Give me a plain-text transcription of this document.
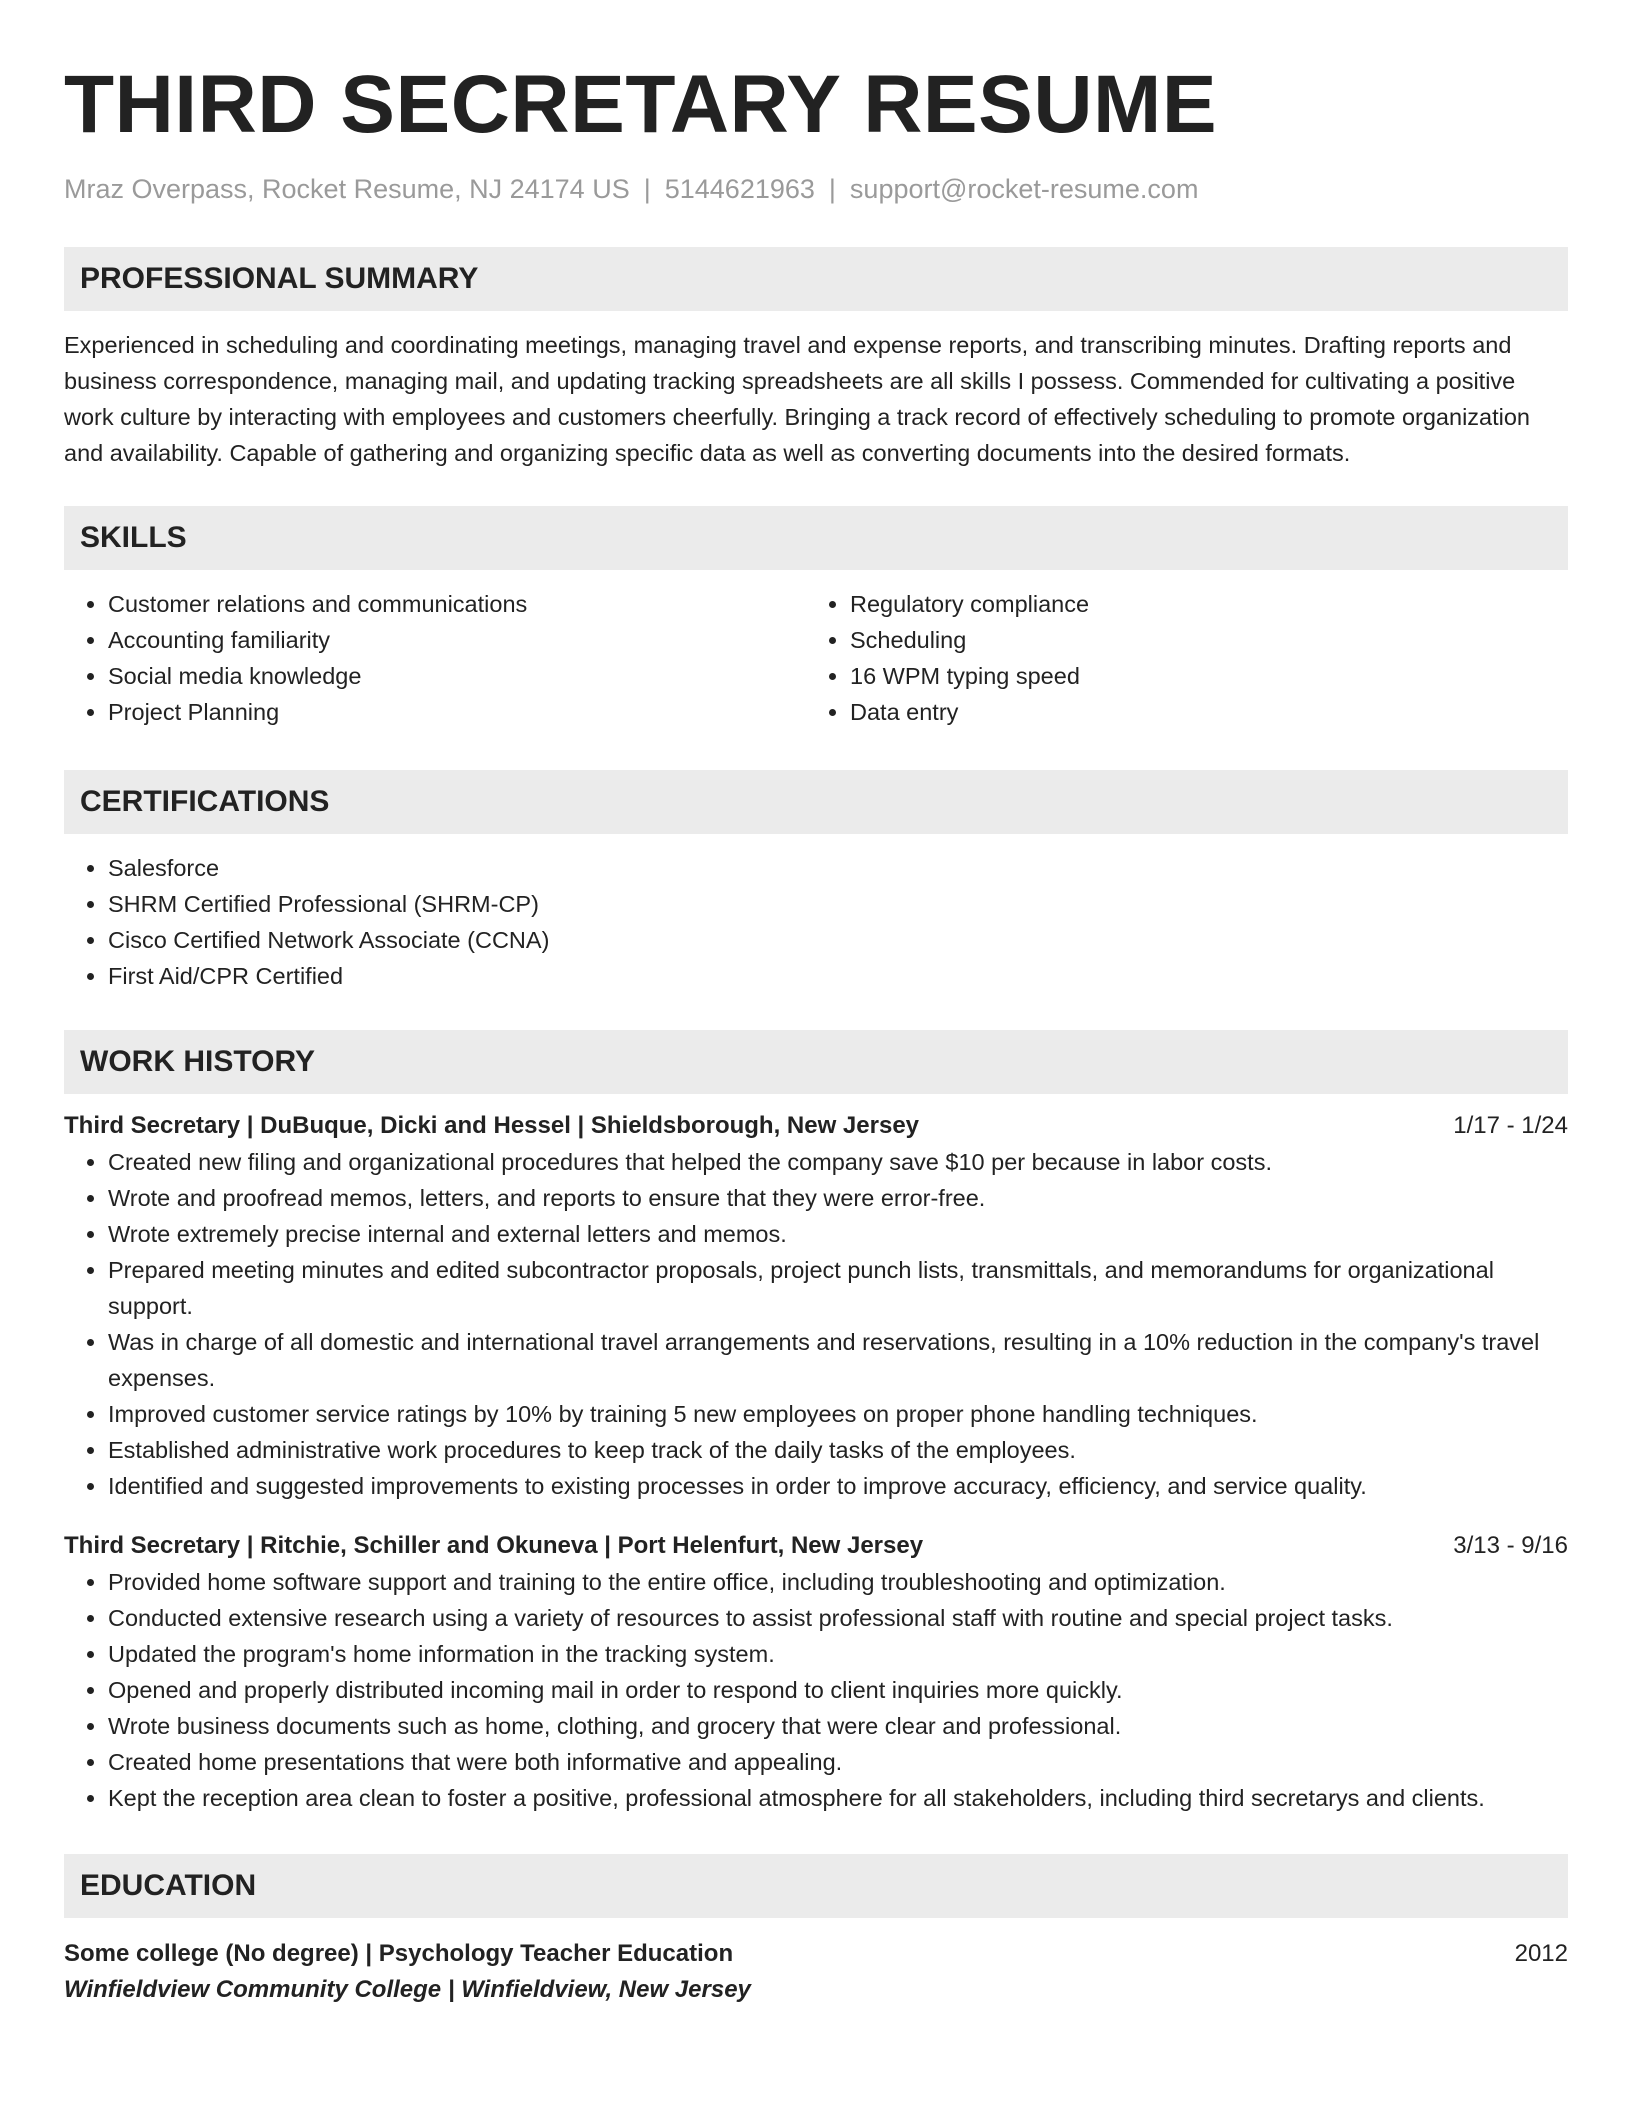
THIRD SECRETARY RESUME
Mraz Overpass, Rocket Resume, NJ 24174 US | 5144621963 | support@rocket-resume.com
PROFESSIONAL SUMMARY

Experienced in scheduling and coordinating meetings, managing travel and expense reports, and transcribing minutes. Drafting reports and business correspondence, managing mail, and updating tracking spreadsheets are all skills I possess. Commended for cultivating a positive work culture by interacting with employees and customers cheerfully. Bringing a track record of effectively scheduling to promote organization and availability. Capable of gathering and organizing specific data as well as converting documents into the desired formats.

SKILLS
• Customer relations and communications
• Accounting familiarity
• Social media knowledge
• Project Planning
• Regulatory compliance
• Scheduling
• 16 WPM typing speed
• Data entry
CERTIFICATIONS
• Salesforce
• SHRM Certified Professional (SHRM-CP)
• Cisco Certified Network Associate (CCNA)
• First Aid/CPR Certified
WORK HISTORY
Third Secretary | DuBuque, Dicki and Hessel | Shieldsborough, New Jersey	1/17 - 1/24
• Created new filing and organizational procedures that helped the company save $10 per because in labor costs.
• Wrote and proofread memos, letters, and reports to ensure that they were error-free.
• Wrote extremely precise internal and external letters and memos.
• Prepared meeting minutes and edited subcontractor proposals, project punch lists, transmittals, and memorandums for organizational support.
• Was in charge of all domestic and international travel arrangements and reservations, resulting in a 10% reduction in the company's travel expenses.
• Improved customer service ratings by 10% by training 5 new employees on proper phone handling techniques.
• Established administrative work procedures to keep track of the daily tasks of the employees.
• Identified and suggested improvements to existing processes in order to improve accuracy, efficiency, and service quality.
Third Secretary | Ritchie, Schiller and Okuneva | Port Helenfurt, New Jersey	3/13 - 9/16
• Provided home software support and training to the entire office, including troubleshooting and optimization.
• Conducted extensive research using a variety of resources to assist professional staff with routine and special project tasks.
• Updated the program's home information in the tracking system.
• Opened and properly distributed incoming mail in order to respond to client inquiries more quickly.
• Wrote business documents such as home, clothing, and grocery that were clear and professional.
• Created home presentations that were both informative and appealing.
• Kept the reception area clean to foster a positive, professional atmosphere for all stakeholders, including third secretarys and clients.
EDUCATION
Some college (No degree) | Psychology Teacher Education	2012
Winfieldview Community College | Winfieldview, New Jersey
